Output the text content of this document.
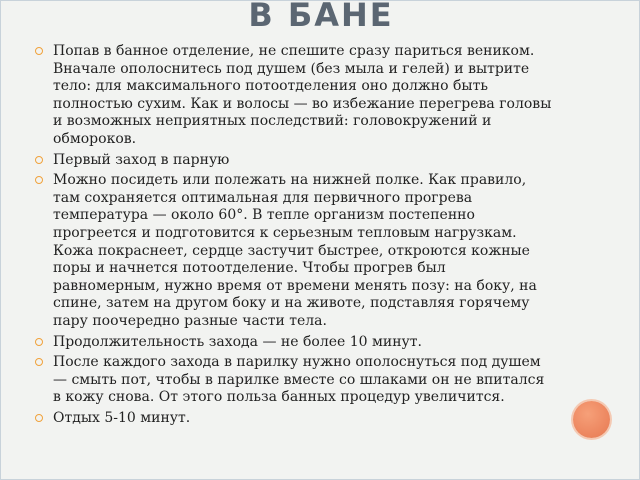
В БАНЕ
Попав в банное отделение, не спешите сразу париться веником. Вначале ополоснитесь под душем (без мыла и гелей) и вытрите тело: для максимального потоотделения оно должно быть полностью сухим. Как и волосы — во избежание перегрева головы и возможных неприятных последствий: головокружений и обмороков.
Первый заход в парную
Можно посидеть или полежать на нижней полке. Как правило, там сохраняется оптимальная для первичного прогрева температура — около 60°. В тепле организм постепенно прогреется и подготовится к серьезным тепловым нагрузкам. Кожа покраснеет, сердце застучит быстрее, откроются кожные поры и начнется потоотделение. Чтобы прогрев был равномерным, нужно время от времени менять позу: на боку, на спине, затем на другом боку и на животе, подставляя горячему пару поочередно разные части тела.
Продолжительность захода — не более 10 минут.
После каждого захода в парилку нужно ополоснуться под душем — смыть пот, чтобы в парилке вместе со шлаками он не впитался в кожу снова. От этого польза банных процедур увеличится.
Отдых 5-10 минут.
